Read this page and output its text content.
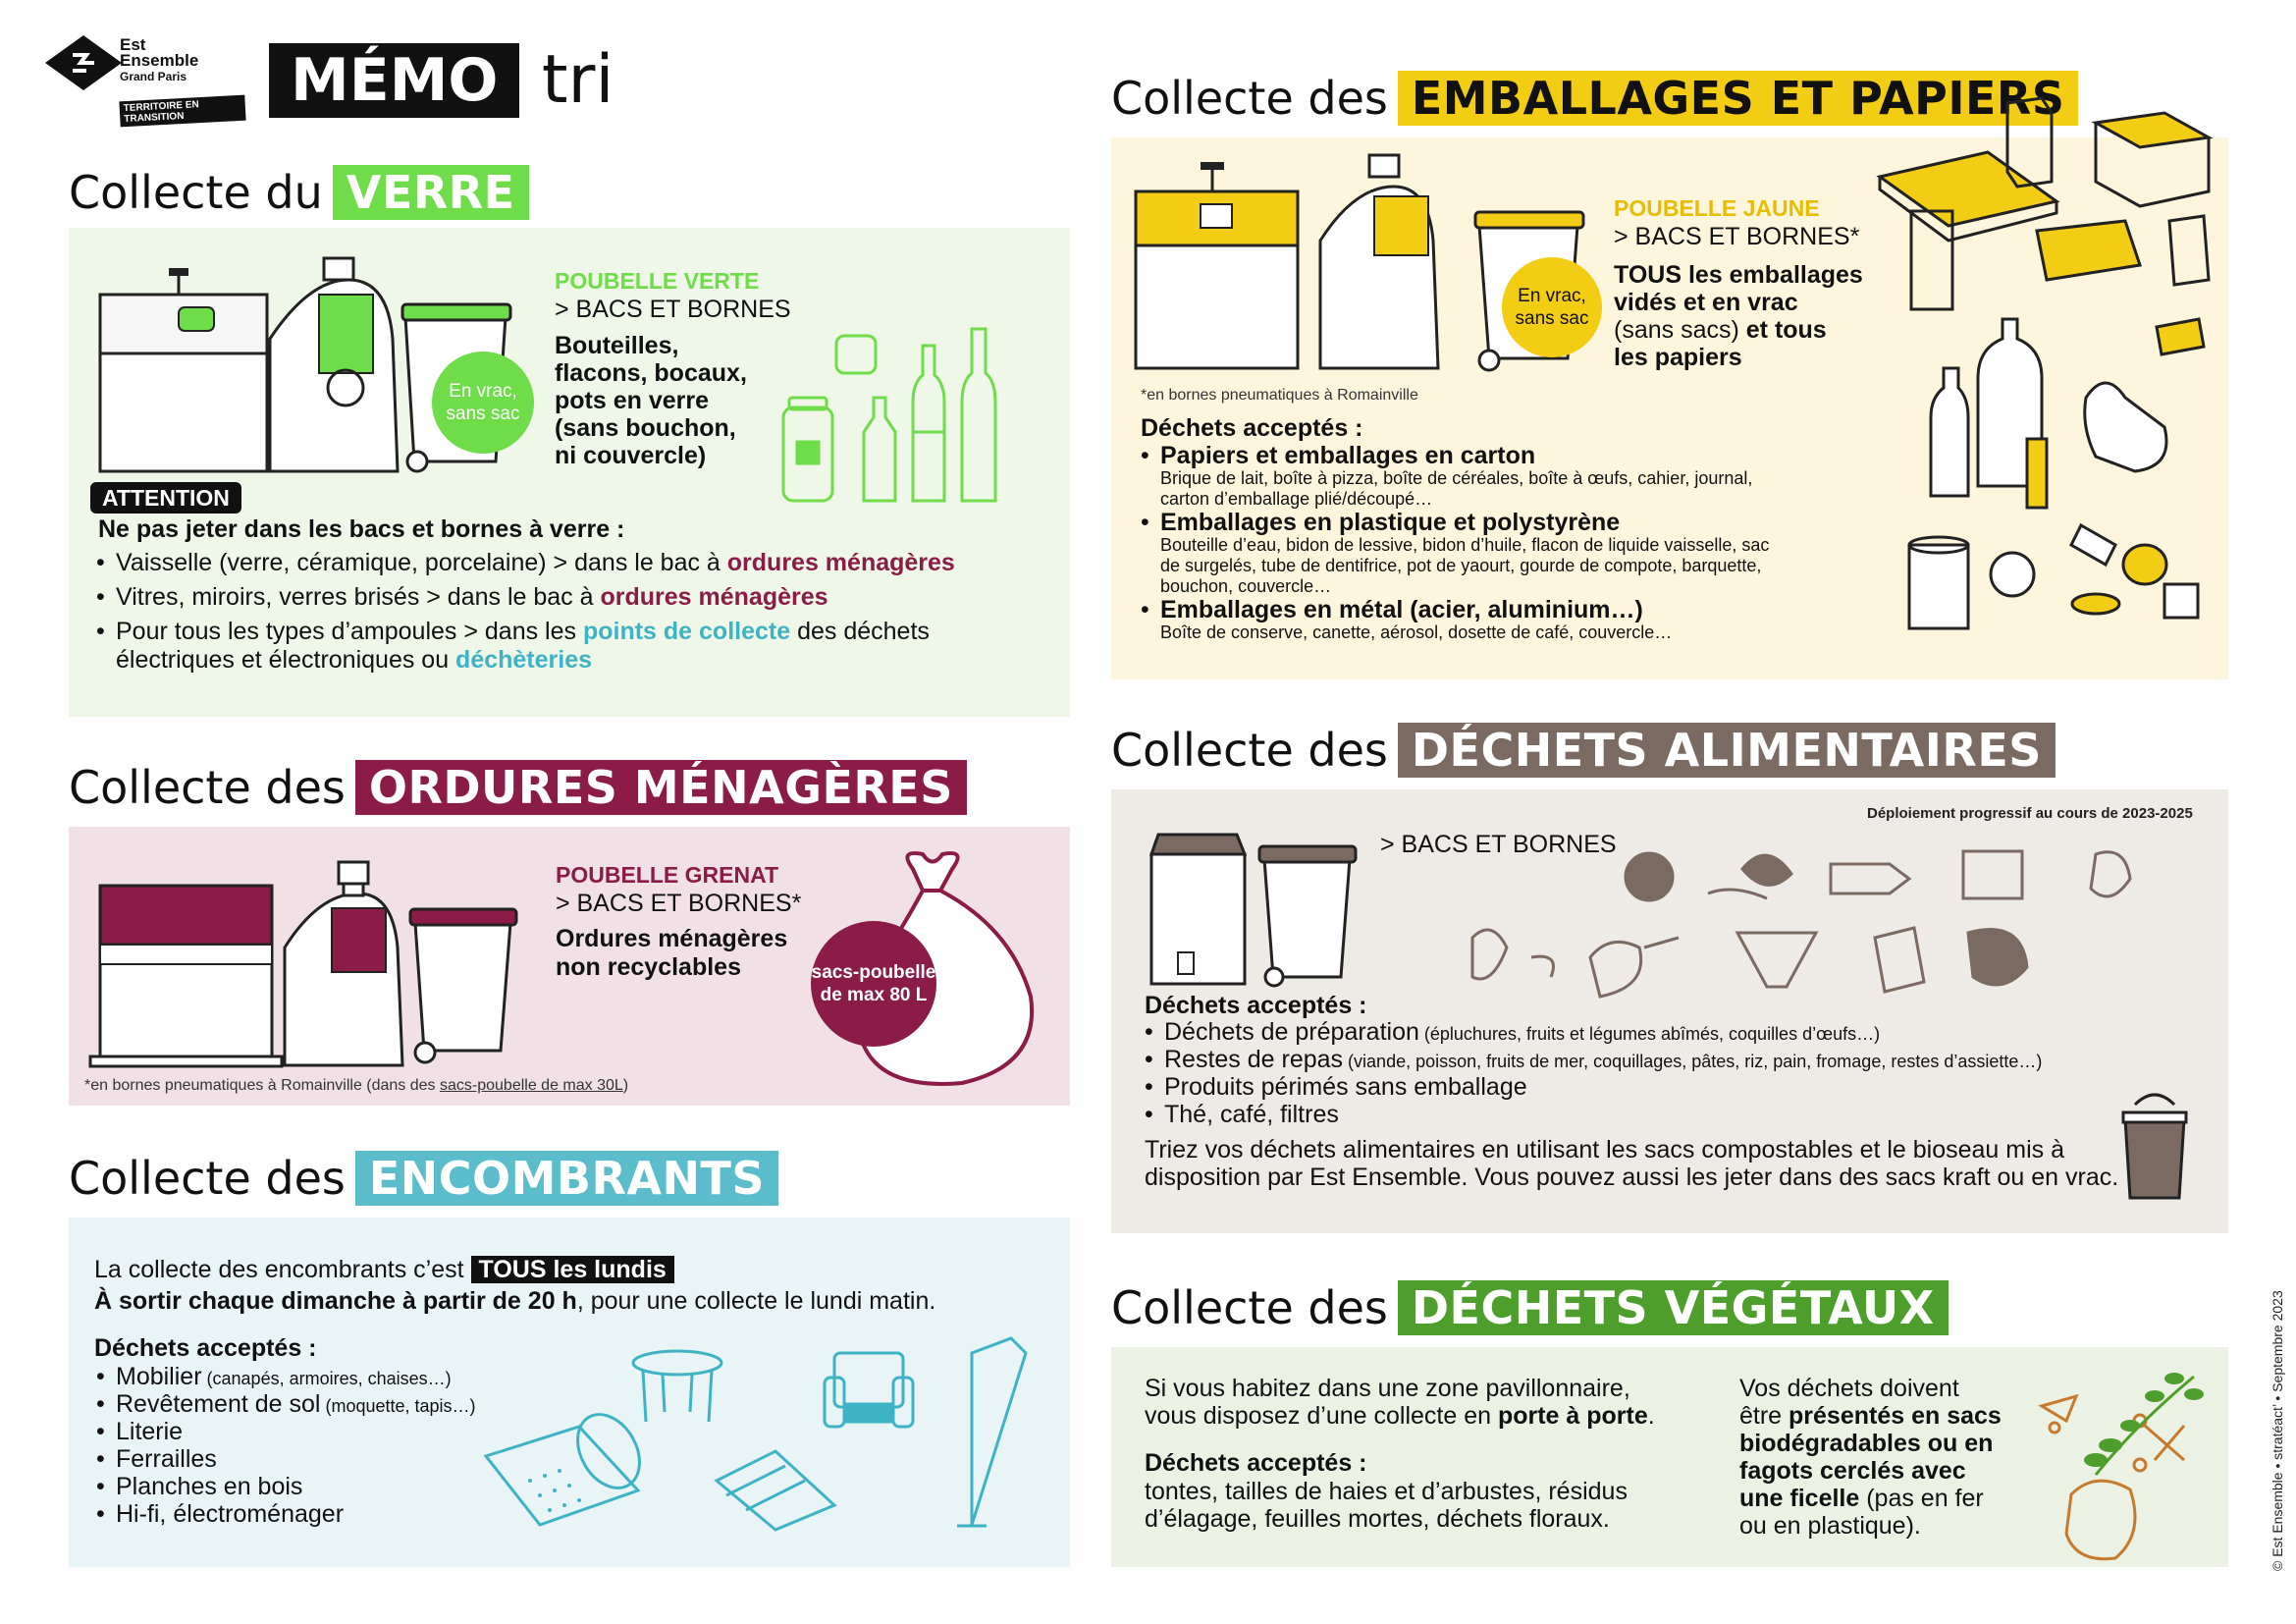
Est
Ensemble
Grand Paris
TERRITOIRE EN TRANSITION
MÉMO tri
Collecte du VERRE
En vrac,
sans sac
POUBELLE VERTE
> BACS ET BORNES
Bouteilles,
flacons, bocaux,
pots en verre
(sans bouchon,
ni couvercle)
ATTENTION
Ne pas jeter dans les bacs et bornes à verre :
• Vaisselle (verre, céramique, porcelaine) > dans le bac à ordures ménagères
• Vitres, miroirs, verres brisés > dans le bac à ordures ménagères
• Pour tous les types d’ampoules > dans les points de collecte des déchets
électriques et électroniques ou déchèteries
Collecte des ORDURES MÉNAGÈRES
POUBELLE GRENAT
> BACS ET BORNES*
Ordures ménagères
non recyclables	sacs-poubelle
de max 80 L
*en bornes pneumatiques à Romainville (dans des sacs-poubelle de max 30L)
Collecte des ENCOMBRANTS
La collecte des encombrants c’est TOUS les lundis
À sortir chaque dimanche à partir de 20 h, pour une collecte le lundi matin.
Déchets acceptés :
• Mobilier (canapés, armoires, chaises…)
• Revêtement de sol (moquette, tapis…)
• Literie
• Ferrailles
• Planches en bois
• Hi-fi, électroménager
Collecte des EMBALLAGES ET PAPIERS
En vrac,
sans sac
POUBELLE JAUNE
> BACS ET BORNES*
TOUS les emballages
vidés et en vrac
(sans sacs) et tous
les papiers
*en bornes pneumatiques à Romainville
Déchets acceptés :
• Papiers et emballages en carton
Brique de lait, boîte à pizza, boîte de céréales, boîte à œufs, cahier, journal,
carton d’emballage plié/découpé…
• Emballages en plastique et polystyrène
Bouteille d’eau, bidon de lessive, bidon d’huile, flacon de liquide vaisselle, sac
de surgelés, tube de dentifrice, pot de yaourt, gourde de compote, barquette,
bouchon, couvercle…
• Emballages en métal (acier, aluminium…)
Boîte de conserve, canette, aérosol, dosette de café, couvercle…
Collecte des DÉCHETS ALIMENTAIRES
Déploiement progressif au cours de 2023-2025
> BACS ET BORNES
Déchets acceptés :
• Déchets de préparation (épluchures, fruits et légumes abîmés, coquilles d’œufs…)
• Restes de repas (viande, poisson, fruits de mer, coquillages, pâtes, riz, pain, fromage, restes d’assiette…)
• Produits périmés sans emballage
• Thé, café, filtres
Triez vos déchets alimentaires en utilisant les sacs compostables et le bioseau mis à
disposition par Est Ensemble. Vous pouvez aussi les jeter dans des sacs kraft ou en vrac.
Collecte des DÉCHETS VÉGÉTAUX
Si vous habitez dans une zone pavillonnaire,
vous disposez d’une collecte en porte à porte.
Déchets acceptés :
tontes, tailles de haies et d’arbustes, résidus
d’élagage, feuilles mortes, déchets floraux.
Vos déchets doivent
être présentés en sacs
biodégradables ou en
fagots cerclés avec
une ficelle (pas en fer
ou en plastique).	© Est Ensemble • stratéact’ • Septembre 2023
